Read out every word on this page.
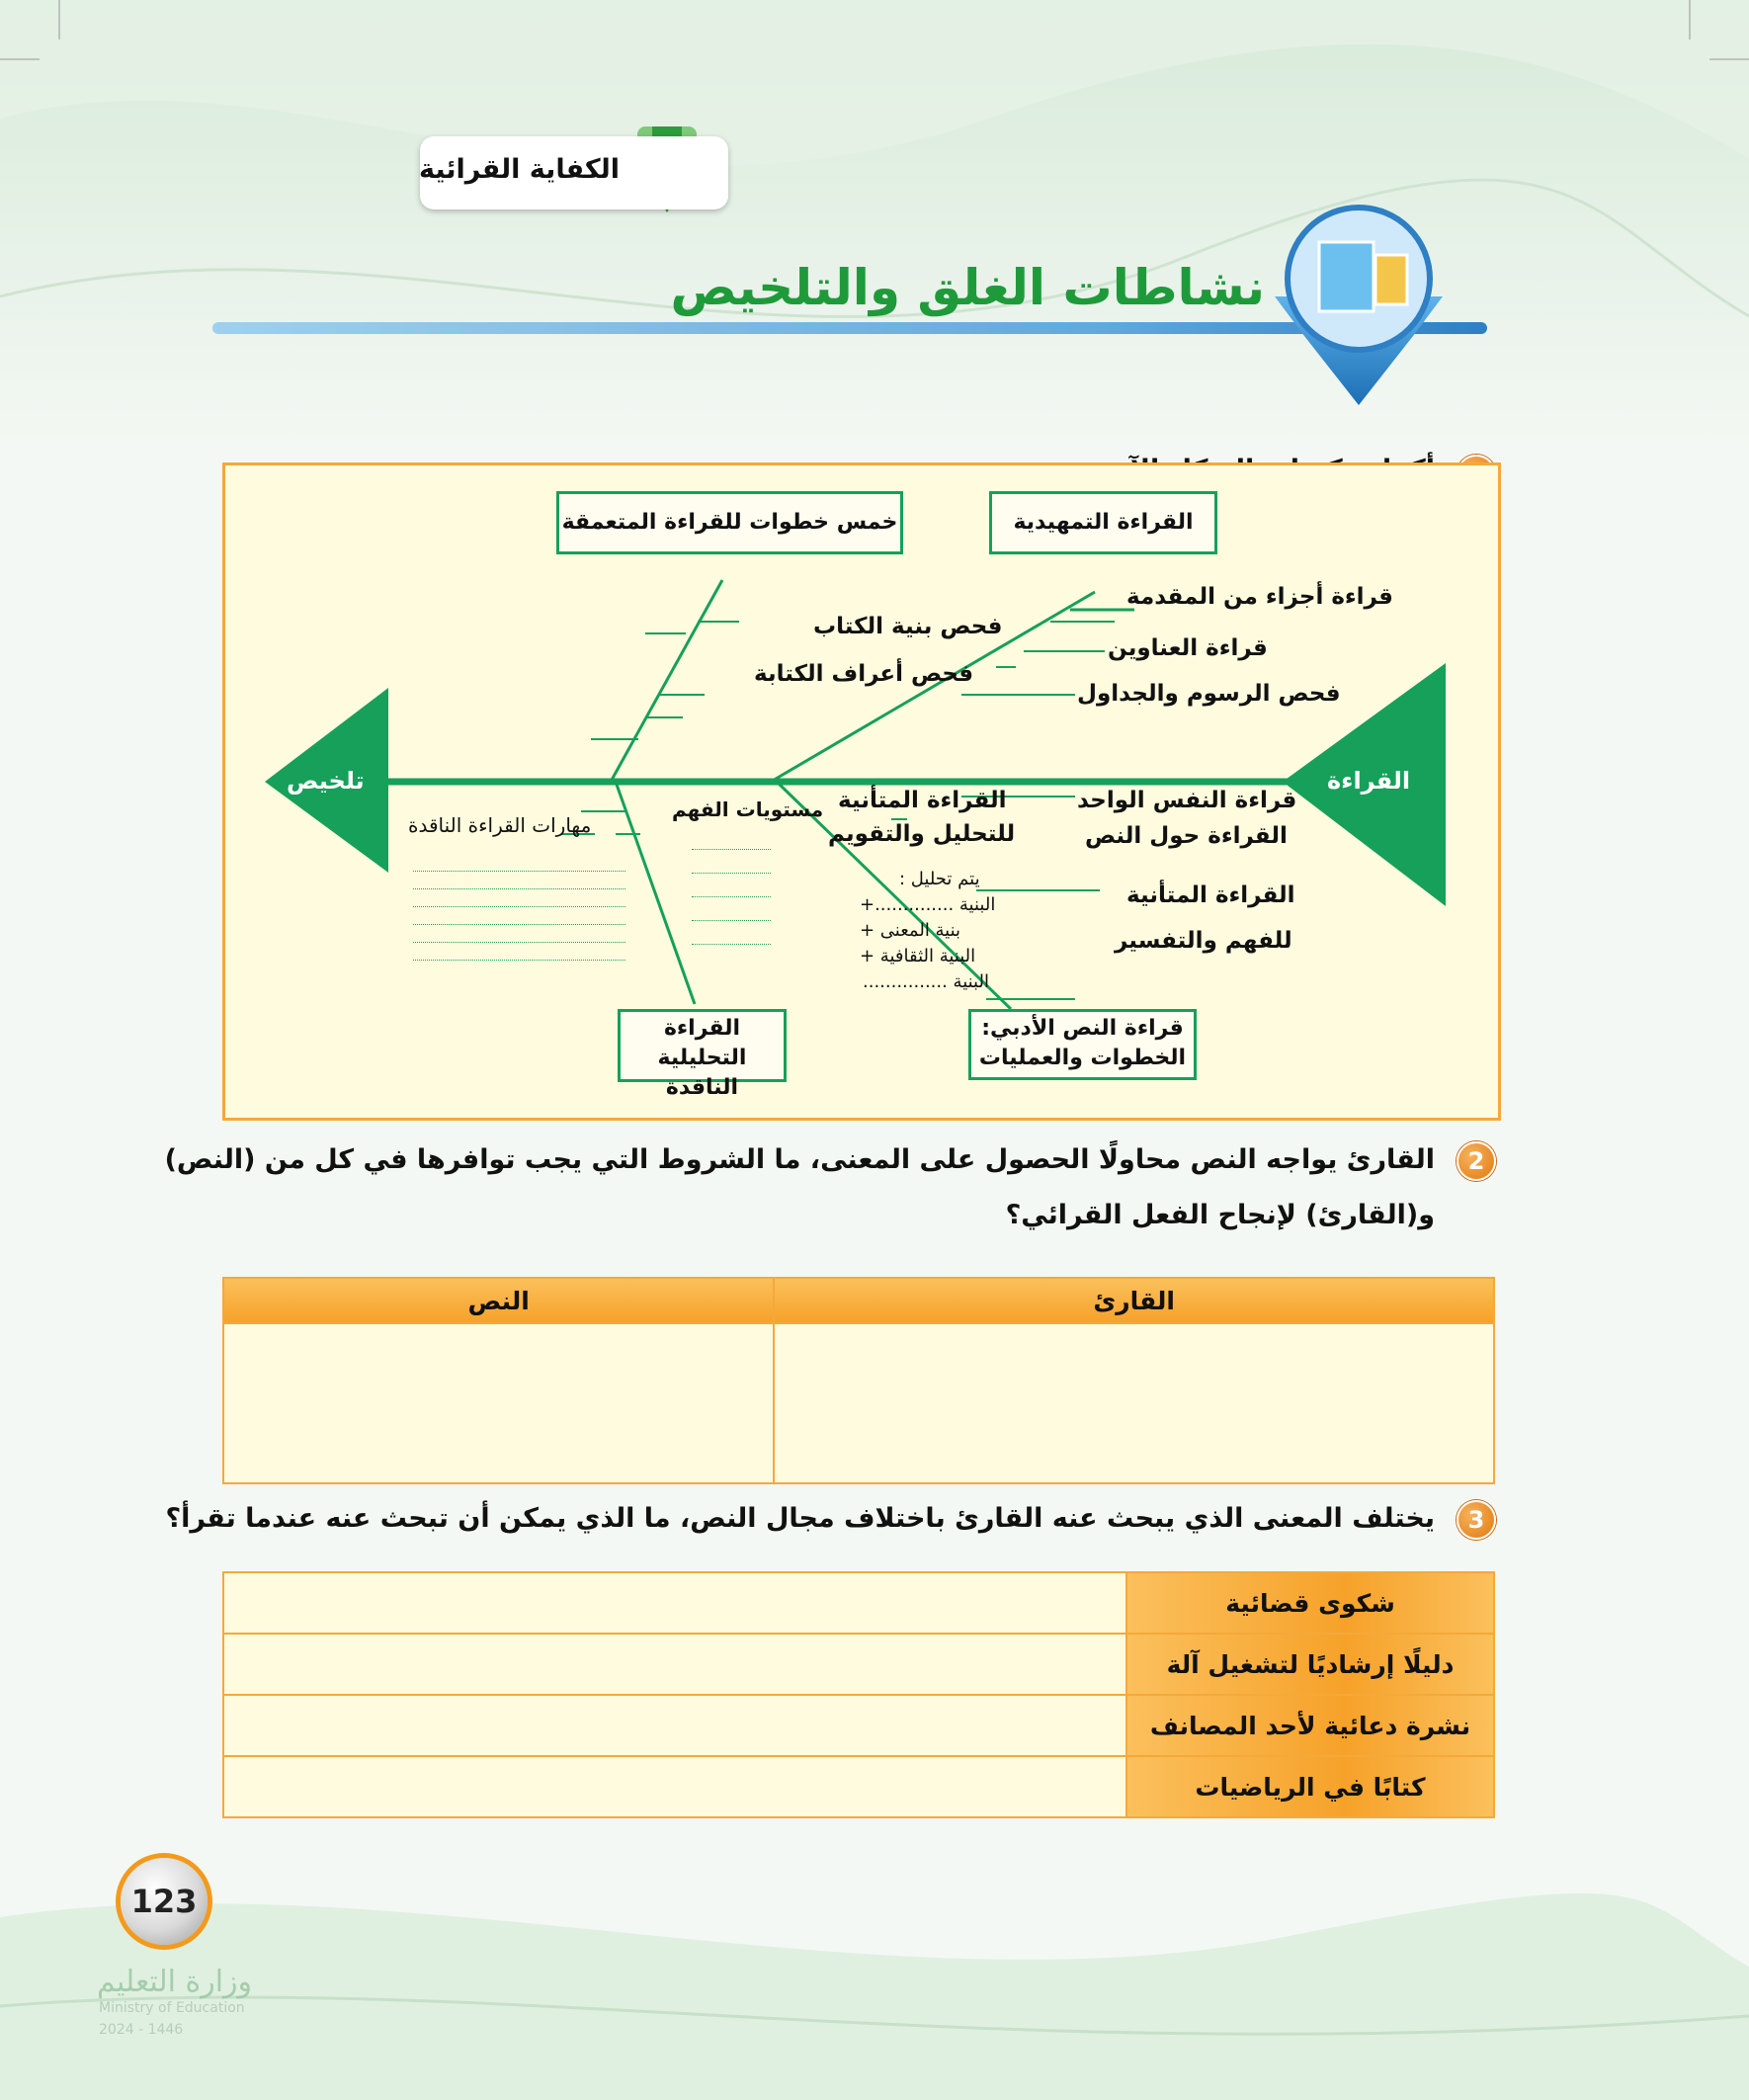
الكفاية القرائية
نشاطات الغلق والتلخيص
القراءة التمهيدية
خمس خطوات للقراءة المتعمقة
القراءة
تلخيص
قراءة أجزاء من المقدمة
قراءة العناوين
فحص الرسوم والجداول
فحص بنية الكتاب
فحص أعراف الكتابة
قراءة النفس الواحد
القراءة حول النص
القراءة المتأنية
للفهم والتفسير
القراءة المتأنية
للتحليل والتقويم
يتم تحليل :
البنية ..............+
بنية المعنى +
البنية الثقافية +
البنية ...............
مستويات الفهم
مهارات القراءة الناقدة
قراءة النص الأدبي: الخطوات والعمليات
القراءة التحليلية الناقدة
2
القارئ يواجه النص محاولًا الحصول على المعنى، ما الشروط التي يجب توافرها في كل من (النص)
و(القارئ) لإنجاح الفعل القرائي؟
القارئ	النص

3
يختلف المعنى الذي يبحث عنه القارئ باختلاف مجال النص، ما الذي يمكن أن تبحث عنه عندما تقرأ؟
شكوى قضائية	
دليلًا إرشاديًا لتشغيل آلة	
نشرة دعائية لأحد المصانف	
كتابًا في الرياضيات	
123
وزارة التعليم
Ministry of Education
2024 - 1446
